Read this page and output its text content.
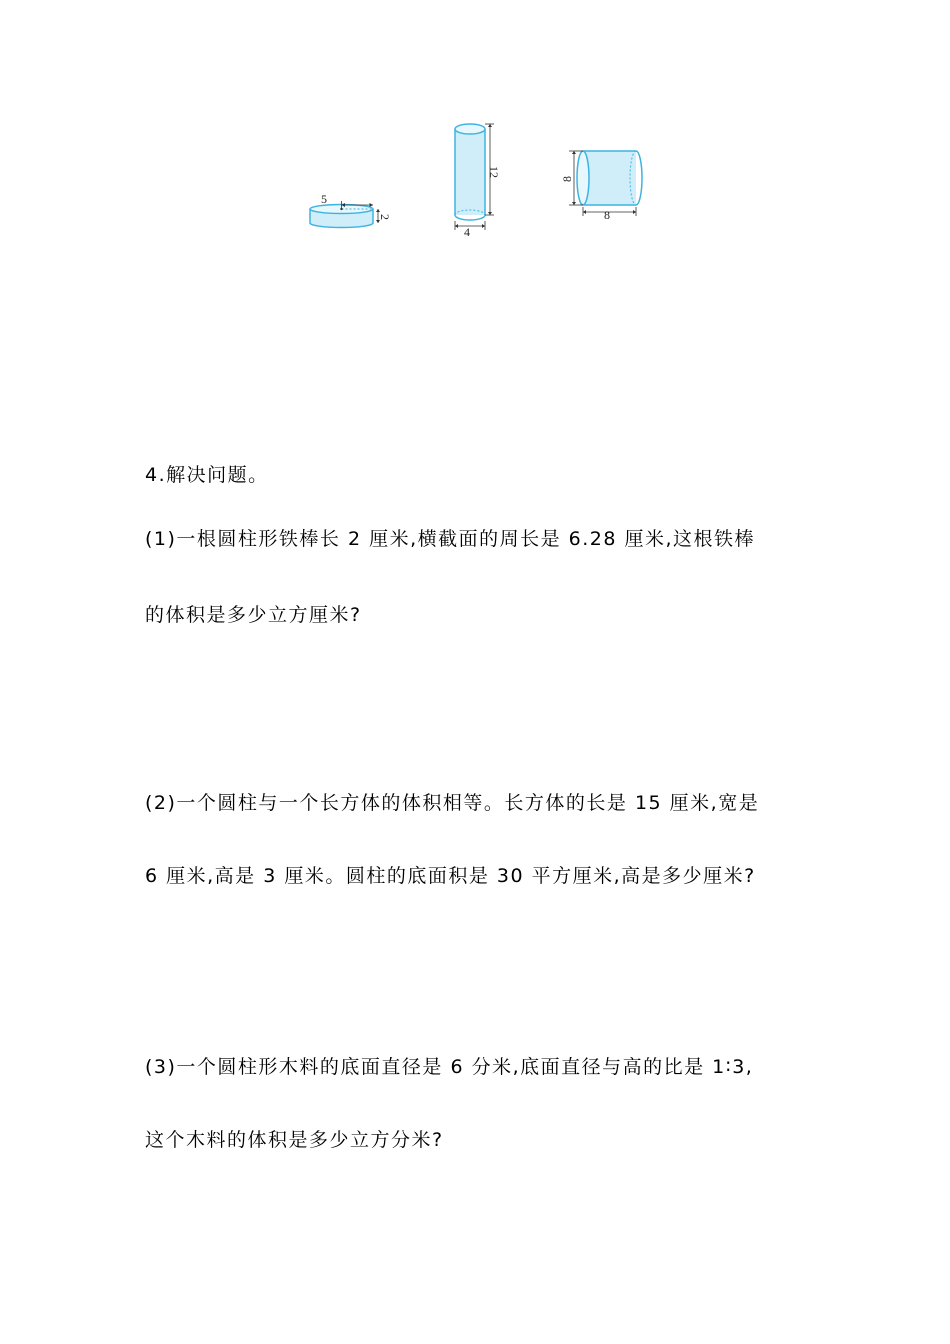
5
2
12
4
8
8
4.解决问题。
(1)一根圆柱形铁棒长 2 厘米,横截面的周长是 6.28 厘米,这根铁棒
的体积是多少立方厘米?
(2)一个圆柱与一个长方体的体积相等。长方体的长是 15 厘米,宽是
6 厘米,高是 3 厘米。圆柱的底面积是 30 平方厘米,高是多少厘米?
(3)一个圆柱形木料的底面直径是 6 分米,底面直径与高的比是 1∶3,
这个木料的体积是多少立方分米?
